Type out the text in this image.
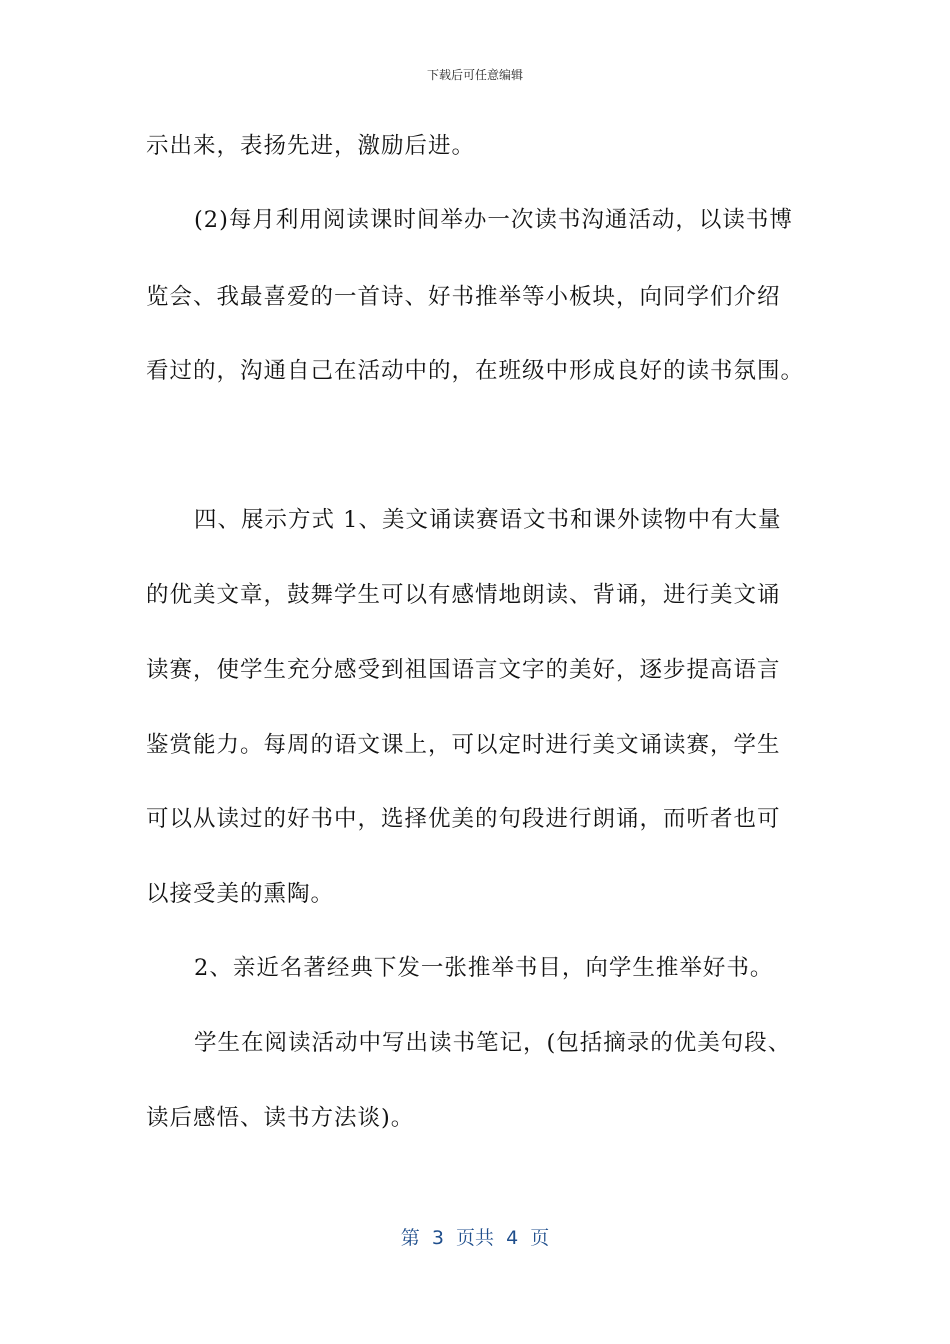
下载后可任意编辑
示出来，表扬先进，激励后进。
(2)每月利用阅读课时间举办一次读书沟通活动，以读书博
览会、我最喜爱的一首诗、好书推举等小板块，向同学们介绍
看过的，沟通自己在活动中的，在班级中形成良好的读书氛围。
四、展示方式 1、美文诵读赛语文书和课外读物中有大量
的优美文章，鼓舞学生可以有感情地朗读、背诵，进行美文诵
读赛，使学生充分感受到祖国语言文字的美好，逐步提高语言
鉴赏能力。每周的语文课上，可以定时进行美文诵读赛，学生
可以从读过的好书中，选择优美的句段进行朗诵，而听者也可
以接受美的熏陶。
2、亲近名著经典下发一张推举书目，向学生推举好书。
学生在阅读活动中写出读书笔记，(包括摘录的优美句段、
读后感悟、读书方法谈)。
第  3  页共  4  页
